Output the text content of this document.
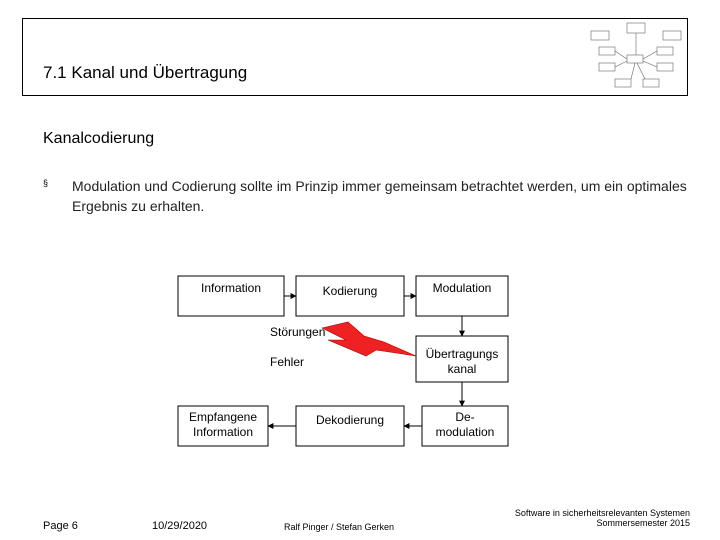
7.1 Kanal und Übertragung
Kanalcodierung
§ Modulation und Codierung sollte im Prinzip immer gemeinsam betrachtet werden, um ein optimales Ergebnis zu erhalten.
Information	Kodierung	Modulation
Störungen
Fehler
Übertragungs
kanal
Empfangene
Information
Dekodierung	De-
modulation
Page 6	10/29/2020	Ralf Pinger / Stefan Gerken
Software in sicherheitsrelevanten Systemen
Sommersemester 2015
